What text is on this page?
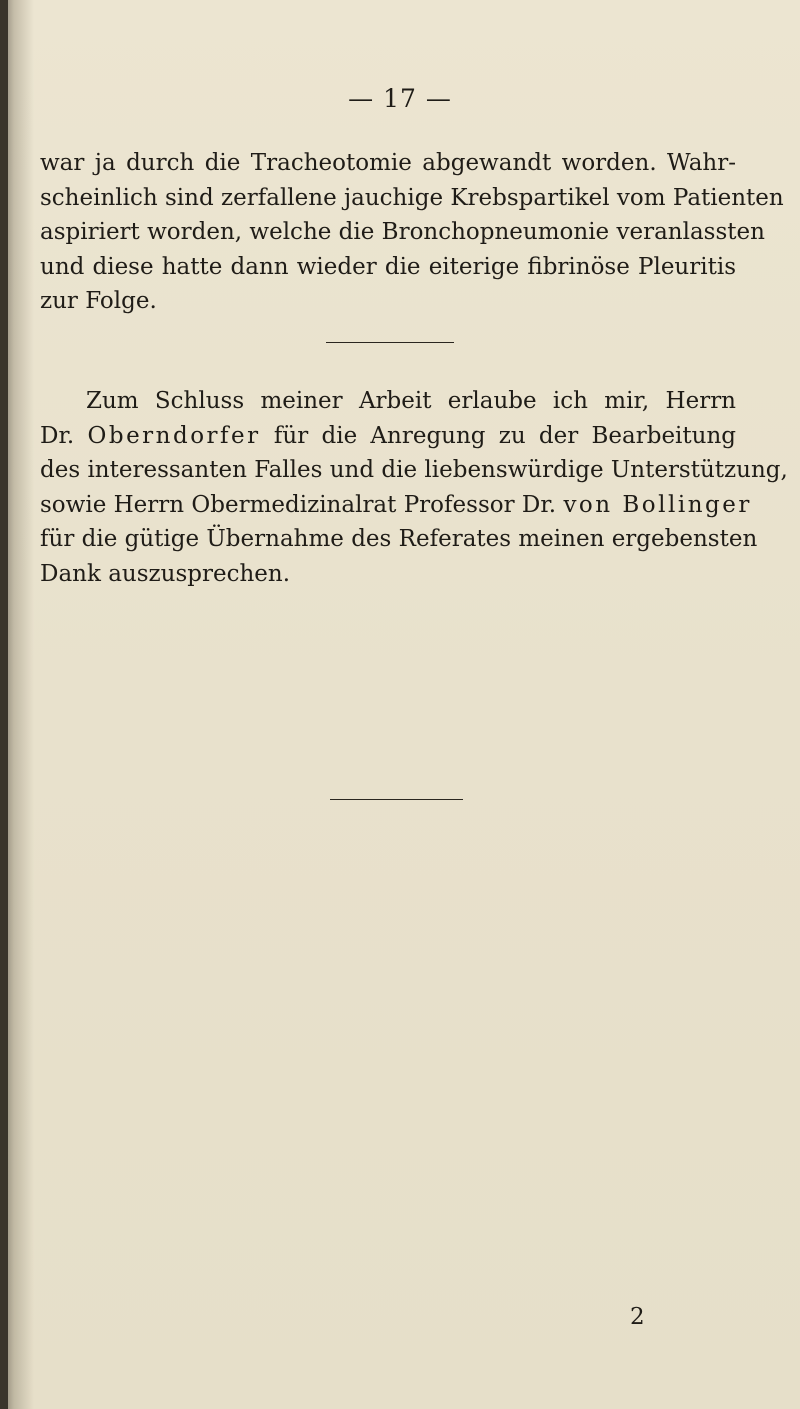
— 17 —

war ja durch die Tracheotomie abgewandt worden. Wahr-
scheinlich sind zerfallene jauchige Krebspartikel vom Patienten
aspiriert worden, welche die Bronchopneumonie veranlassten
und diese hatte dann wieder die eiterige fibrinöse Pleuritis
zur Folge.

Zum Schluss meiner Arbeit erlaube ich mir, Herrn
Dr. Oberndorfer für die Anregung zu der Bearbeitung
des interessanten Falles und die liebenswürdige Unterstützung,
sowie Herrn Obermedizinalrat Professor Dr. von Bollinger
für die gütige Übernahme des Referates meinen ergebensten
Dank auszusprechen.

2
